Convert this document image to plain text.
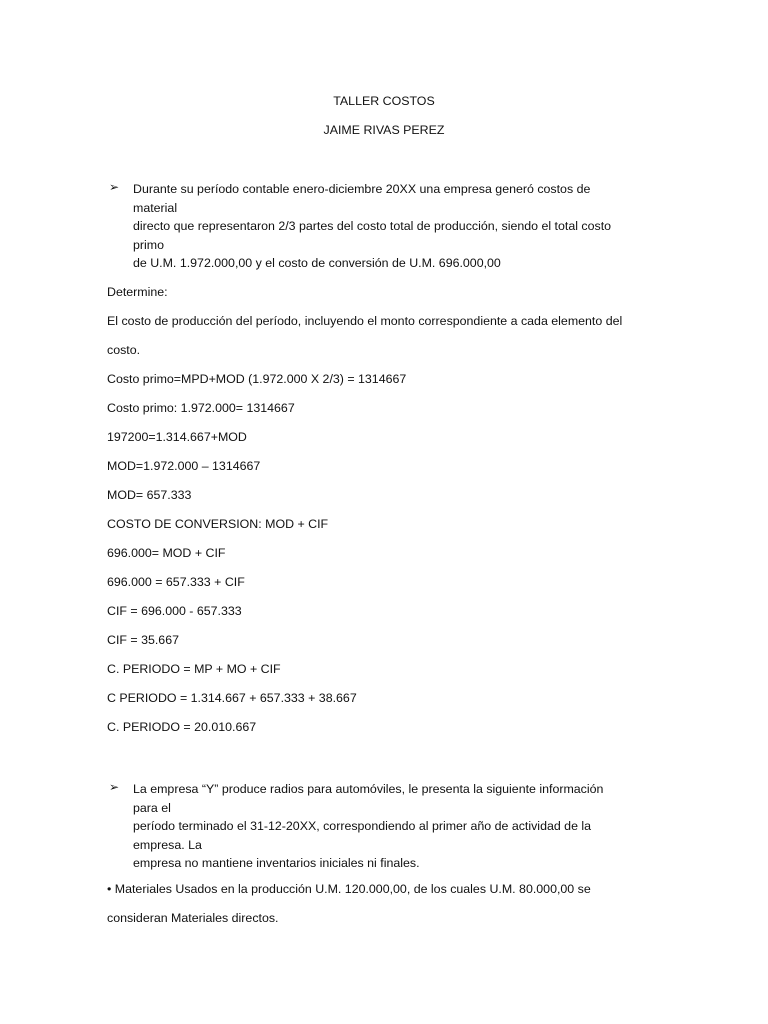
TALLER COSTOS
JAIME RIVAS PEREZ
➢ Durante su período contable enero-diciembre 20XX una empresa generó costos de
material
directo que representaron 2/3 partes del costo total de producción, siendo el total costo
primo
de U.M. 1.972.000,00 y el costo de conversión de U.M. 696.000,00
Determine:
El costo de producción del período, incluyendo el monto correspondiente a cada elemento del
costo.
Costo primo=MPD+MOD (1.972.000 X 2/3) = 1314667
Costo primo: 1.972.000= 1314667
197200=1.314.667+MOD
MOD=1.972.000 – 1314667
MOD= 657.333
COSTO DE CONVERSION: MOD + CIF
696.000= MOD + CIF
696.000 = 657.333 + CIF
CIF = 696.000 - 657.333
CIF = 35.667
C. PERIODO = MP + MO + CIF
C PERIODO = 1.314.667 + 657.333 + 38.667
C. PERIODO = 20.010.667
➢ La empresa “Y” produce radios para automóviles, le presenta la siguiente información
para el
período terminado el 31-12-20XX, correspondiendo al primer año de actividad de la
empresa. La
empresa no mantiene inventarios iniciales ni finales.
• Materiales Usados en la producción U.M. 120.000,00, de los cuales U.M. 80.000,00 se
consideran Materiales directos.
